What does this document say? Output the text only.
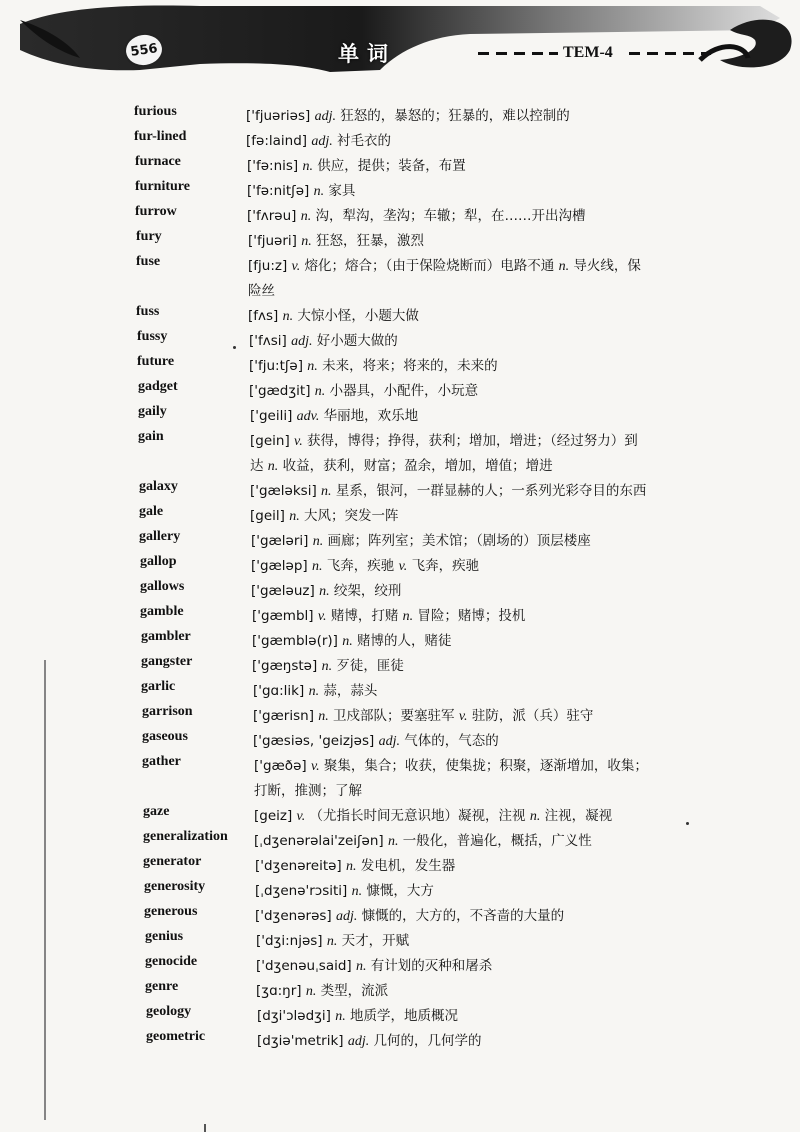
556	单词	TEM-4
furious	['fjuəriəs] adj. 狂怒的，暴怒的；狂暴的，难以控制的
fur-lined	[fə:laind] adj. 衬毛衣的
furnace	['fə:nis] n. 供应，提供；装备，布置
furniture	['fə:nitʃə] n. 家具
furrow	['fʌrəu] n. 沟，犁沟，垄沟；车辙；犁，在……开出沟槽
fury	['fjuəri] n. 狂怒，狂暴，激烈
fuse	[fju:z] v. 熔化；熔合；（由于保险烧断而）电路不通 n. 导火线，保
险丝
fuss	[fʌs] n. 大惊小怪，小题大做
fussy	['fʌsi] adj. 好小题大做的
future	['fju:tʃə] n. 未来，将来；将来的，未来的
gadget	['gædʒit] n. 小器具，小配件，小玩意
gaily	['geili] adv. 华丽地，欢乐地
gain	[gein] v. 获得，博得；挣得，获利；增加，增进；（经过努力）到
达 n. 收益，获利，财富；盈余，增加，增值；增进
galaxy	['gæləksi] n. 星系，银河，一群显赫的人；一系列光彩夺目的东西
gale	[geil] n. 大风；突发一阵
gallery	['gæləri] n. 画廊；阵列室；美术馆；（剧场的）顶层楼座
gallop	['gæləp] n. 飞奔，疾驰 v. 飞奔，疾驰
gallows	['gæləuz] n. 绞架，绞刑
gamble	['gæmbl] v. 赌博，打赌 n. 冒险；赌博；投机
gambler	['gæmblə(r)] n. 赌博的人，赌徒
gangster	['gæŋstə] n. 歹徒，匪徒
garlic	['gɑ:lik] n. 蒜，蒜头
garrison	['gærisn] n. 卫戍部队；要塞驻军 v. 驻防，派（兵）驻守
gaseous	['gæsiəs, 'geizjəs] adj. 气体的，气态的
gather	['gæðə] v. 聚集，集合；收获，使集拢；积聚，逐渐增加，收集；
打断，推测；了解
gaze	[geiz] v. （尤指长时间无意识地）凝视，注视 n. 注视，凝视
generalization	[ˌdʒenərəlai'zeiʃən] n. 一般化，普遍化，概括，广义性
generator	['dʒenəreitə] n. 发电机，发生器
generosity	[ˌdʒenə'rɔsiti] n. 慷慨，大方
generous	['dʒenərəs] adj. 慷慨的，大方的，不吝啬的大量的
genius	['dʒi:njəs] n. 天才，开赋
genocide	['dʒenəuˌsaid] n. 有计划的灭种和屠杀
genre	[ʒɑ:ŋr] n. 类型，流派
geology	[dʒi'ɔlədʒi] n. 地质学，地质概况
geometric	[dʒiə'metrik] adj. 几何的，几何学的
